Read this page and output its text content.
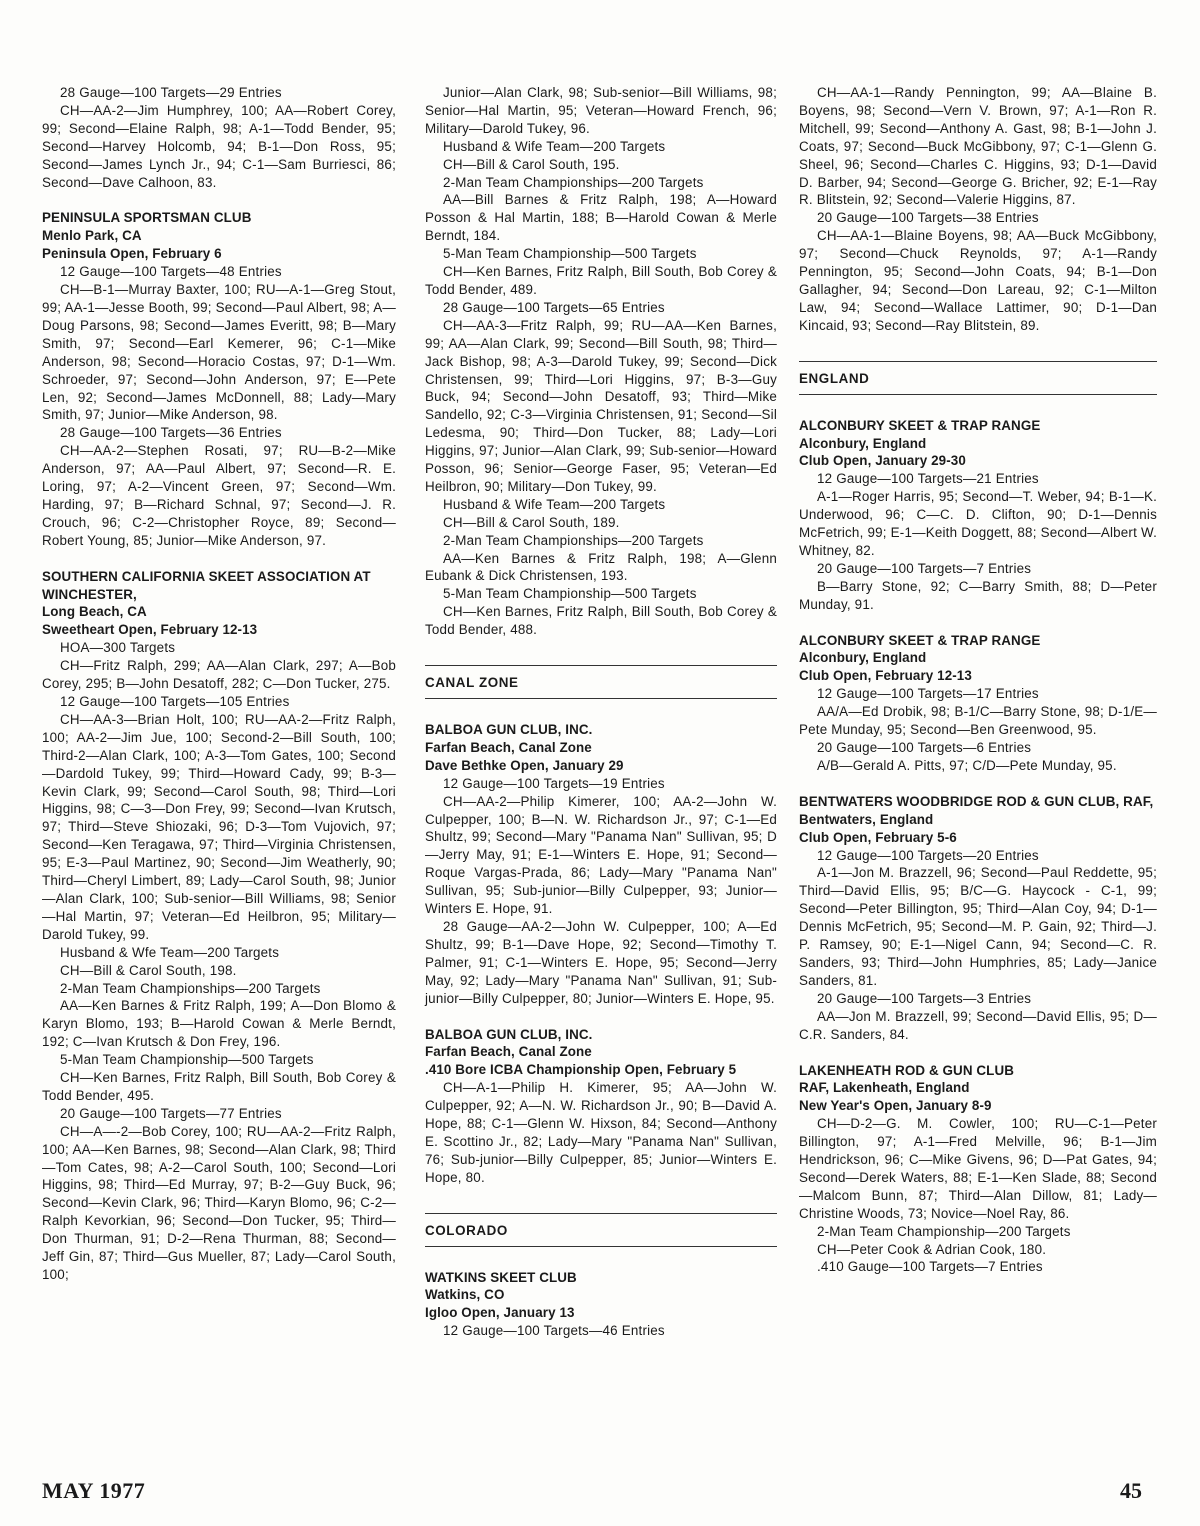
28 Gauge—100 Targets—29 Entries

CH—AA-2—Jim Humphrey, 100; AA—Robert Corey, 99; Second—Elaine Ralph, 98; A-1—Todd Bender, 95; Second—Harvey Holcomb, 94; B-1—Don Ross, 95; Second—James Lynch Jr., 94; C-1—Sam Burriesci, 86; Second—Dave Calhoon, 83.

PENINSULA SPORTSMAN CLUB

Menlo Park, CA

Peninsula Open, February 6

12 Gauge—100 Targets—48 Entries

CH—B-1—Murray Baxter, 100; RU—A-1—Greg Stout, 99; AA-1—Jesse Booth, 99; Second—Paul Albert, 98; A—Doug Parsons, 98; Second—James Everitt, 98; B—Mary Smith, 97; Second—Earl Kemerer, 96; C-1—Mike Anderson, 98; Second—Horacio Costas, 97; D-1—Wm. Schroeder, 97; Second—John Anderson, 97; E—Pete Len, 92; Second—James McDonnell, 88; Lady—Mary Smith, 97; Junior—Mike Anderson, 98.

28 Gauge—100 Targets—36 Entries

CH—AA-2—Stephen Rosati, 97; RU—B-2—Mike Anderson, 97; AA—Paul Albert, 97; Second—R. E. Loring, 97; A-2—Vincent Green, 97; Second—Wm. Harding, 97; B—Richard Schnal, 97; Second—J. R. Crouch, 96; C-2—Christopher Royce, 89; Second—Robert Young, 85; Junior—Mike Anderson, 97.

SOUTHERN CALIFORNIA SKEET ASSOCIATION AT WINCHESTER,

Long Beach, CA

Sweetheart Open, February 12-13

HOA—300 Targets

CH—Fritz Ralph, 299; AA—Alan Clark, 297; A—Bob Corey, 295; B—John Desatoff, 282; C—Don Tucker, 275.

12 Gauge—100 Targets—105 Entries

CH—AA-3—Brian Holt, 100; RU—AA-2—Fritz Ralph, 100; AA-2—Jim Jue, 100; Second-2—Bill South, 100; Third-2—Alan Clark, 100; A-3—Tom Gates, 100; Second—Dardold Tukey, 99; Third—Howard Cady, 99; B-3—Kevin Clark, 99; Second—Carol South, 98; Third—Lori Higgins, 98; C—3—Don Frey, 99; Second—Ivan Krutsch, 97; Third—Steve Shiozaki, 96; D-3—Tom Vujovich, 97; Second—Ken Teragawa, 97; Third—Virginia Christensen, 95; E-3—Paul Martinez, 90; Second—Jim Weatherly, 90; Third—Cheryl Limbert, 89; Lady—Carol South, 98; Junior—Alan Clark, 100; Sub-senior—Bill Williams, 98; Senior—Hal Martin, 97; Veteran—Ed Heilbron, 95; Military—Darold Tukey, 99.

Husband & Wfe Team—200 Targets

CH—Bill & Carol South, 198.

2-Man Team Championships—200 Targets

AA—Ken Barnes & Fritz Ralph, 199; A—Don Blomo & Karyn Blomo, 193; B—Harold Cowan & Merle Berndt, 192; C—Ivan Krutsch & Don Frey, 196.

5-Man Team Championship—500 Targets

CH—Ken Barnes, Fritz Ralph, Bill South, Bob Corey & Todd Bender, 495.

20 Gauge—100 Targets—77 Entries

CH—A—-2—Bob Corey, 100; RU—AA-2—Fritz Ralph, 100; AA—Ken Barnes, 98; Second—Alan Clark, 98; Third—Tom Cates, 98; A-2—Carol South, 100; Second—Lori Higgins, 98; Third—Ed Murray, 97; B-2—Guy Buck, 96; Second—Kevin Clark, 96; Third—Karyn Blomo, 96; C-2—Ralph Kevorkian, 96; Second—Don Tucker, 95; Third—Don Thurman, 91; D-2—Rena Thurman, 88; Second—Jeff Gin, 87; Third—Gus Mueller, 87; Lady—Carol South, 100;

Junior—Alan Clark, 98; Sub-senior—Bill Williams, 98; Senior—Hal Martin, 95; Veteran—Howard French, 96; Military—Darold Tukey, 96.

Husband & Wife Team—200 Targets

CH—Bill & Carol South, 195.

2-Man Team Championships—200 Targets

AA—Bill Barnes & Fritz Ralph, 198; A—Howard Posson & Hal Martin, 188; B—Harold Cowan & Merle Berndt, 184.

5-Man Team Championship—500 Targets

CH—Ken Barnes, Fritz Ralph, Bill South, Bob Corey & Todd Bender, 489.

28 Gauge—100 Targets—65 Entries

CH—AA-3—Fritz Ralph, 99; RU—AA—Ken Barnes, 99; AA—Alan Clark, 99; Second—Bill South, 98; Third—Jack Bishop, 98; A-3—Darold Tukey, 99; Second—Dick Christensen, 99; Third—Lori Higgins, 97; B-3—Guy Buck, 94; Second—John Desatoff, 93; Third—Mike Sandello, 92; C-3—Virginia Christensen, 91; Second—Sil Ledesma, 90; Third—Don Tucker, 88; Lady—Lori Higgins, 97; Junior—Alan Clark, 99; Sub-senior—Howard Posson, 96; Senior—George Faser, 95; Veteran—Ed Heilbron, 90; Military—Don Tukey, 99.

Husband & Wife Team—200 Targets

CH—Bill & Carol South, 189.

2-Man Team Championships—200 Targets

AA—Ken Barnes & Fritz Ralph, 198; A—Glenn Eubank & Dick Christensen, 193.

5-Man Team Championship—500 Targets

CH—Ken Barnes, Fritz Ralph, Bill South, Bob Corey & Todd Bender, 488.

CANAL ZONE

BALBOA GUN CLUB, INC.

Farfan Beach, Canal Zone

Dave Bethke Open, January 29

12 Gauge—100 Targets—19 Entries

CH—AA-2—Philip Kimerer, 100; AA-2—John W. Culpepper, 100; B—N. W. Richardson Jr., 97; C-1—Ed Shultz, 99; Second—Mary "Panama Nan" Sullivan, 95; D—Jerry May, 91; E-1—Winters E. Hope, 91; Second—Roque Vargas-Prada, 86; Lady—Mary "Panama Nan" Sullivan, 95; Sub-junior—Billy Culpepper, 93; Junior—Winters E. Hope, 91.

28 Gauge—AA-2—John W. Culpepper, 100; A—Ed Shultz, 99; B-1—Dave Hope, 92; Second—Timothy T. Palmer, 91; C-1—Winters E. Hope, 95; Second—Jerry May, 92; Lady—Mary "Panama Nan" Sullivan, 91; Sub-junior—Billy Culpepper, 80; Junior—Winters E. Hope, 95.

BALBOA GUN CLUB, INC.

Farfan Beach, Canal Zone

.410 Bore ICBA Championship Open, February 5

CH—A-1—Philip H. Kimerer, 95; AA—John W. Culpepper, 92; A—N. W. Richardson Jr., 90; B—David A. Hope, 88; C-1—Glenn W. Hixson, 84; Second—Anthony E. Scottino Jr., 82; Lady—Mary "Panama Nan" Sullivan, 76; Sub-junior—Billy Culpepper, 85; Junior—Winters E. Hope, 80.

COLORADO

WATKINS SKEET CLUB

Watkins, CO

Igloo Open, January 13

12 Gauge—100 Targets—46 Entries

CH—AA-1—Randy Pennington, 99; AA—Blaine B. Boyens, 98; Second—Vern V. Brown, 97; A-1—Ron R. Mitchell, 99; Second—Anthony A. Gast, 98; B-1—John J. Coats, 97; Second—Buck McGibbony, 97; C-1—Glenn G. Sheel, 96; Second—Charles C. Higgins, 93; D-1—David D. Barber, 94; Second—George G. Bricher, 92; E-1—Ray R. Blitstein, 92; Second—Valerie Higgins, 87.

20 Gauge—100 Targets—38 Entries

CH—AA-1—Blaine Boyens, 98; AA—Buck McGibbony, 97; Second—Chuck Reynolds, 97; A-1—Randy Pennington, 95; Second—John Coats, 94; B-1—Don Gallagher, 94; Second—Don Lareau, 92; C-1—Milton Law, 94; Second—Wallace Lattimer, 90; D-1—Dan Kincaid, 93; Second—Ray Blitstein, 89.

ENGLAND

ALCONBURY SKEET & TRAP RANGE

Alconbury, England

Club Open, January 29-30

12 Gauge—100 Targets—21 Entries

A-1—Roger Harris, 95; Second—T. Weber, 94; B-1—K. Underwood, 96; C—C. D. Clifton, 90; D-1—Dennis McFetrich, 99; E-1—Keith Doggett, 88; Second—Albert W. Whitney, 82.

20 Gauge—100 Targets—7 Entries

B—Barry Stone, 92; C—Barry Smith, 88; D—Peter Munday, 91.

ALCONBURY SKEET & TRAP RANGE

Alconbury, England

Club Open, February 12-13

12 Gauge—100 Targets—17 Entries

AA/A—Ed Drobik, 98; B-1/C—Barry Stone, 98; D-1/E—Pete Munday, 95; Second—Ben Greenwood, 95.

20 Gauge—100 Targets—6 Entries

A/B—Gerald A. Pitts, 97; C/D—Pete Munday, 95.

BENTWATERS WOODBRIDGE ROD & GUN CLUB, RAF, Bentwaters, England

Club Open, February 5-6

12 Gauge—100 Targets—20 Entries

A-1—Jon M. Brazzell, 96; Second—Paul Reddette, 95; Third—David Ellis, 95; B/C—G. Haycock - C-1, 99; Second—Peter Billington, 95; Third—Alan Coy, 94; D-1—Dennis McFetrich, 95; Second—M. P. Gain, 92; Third—J. P. Ramsey, 90; E-1—Nigel Cann, 94; Second—C. R. Sanders, 93; Third—John Humphries, 85; Lady—Janice Sanders, 81.

20 Gauge—100 Targets—3 Entries

AA—Jon M. Brazzell, 99; Second—David Ellis, 95; D—C.R. Sanders, 84.

LAKENHEATH ROD & GUN CLUB

RAF, Lakenheath, England

New Year's Open, January 8-9

CH—D-2—G. M. Cowler, 100; RU—C-1—Peter Billington, 97; A-1—Fred Melville, 96; B-1—Jim Hendrickson, 96; C—Mike Givens, 96; D—Pat Gates, 94; Second—Derek Waters, 88; E-1—Ken Slade, 88; Second—Malcom Bunn, 87; Third—Alan Dillow, 81; Lady—Christine Woods, 73; Novice—Noel Ray, 86.

2-Man Team Championship—200 Targets

CH—Peter Cook & Adrian Cook, 180.

.410 Gauge—100 Targets—7 Entries

MAY 1977	45
